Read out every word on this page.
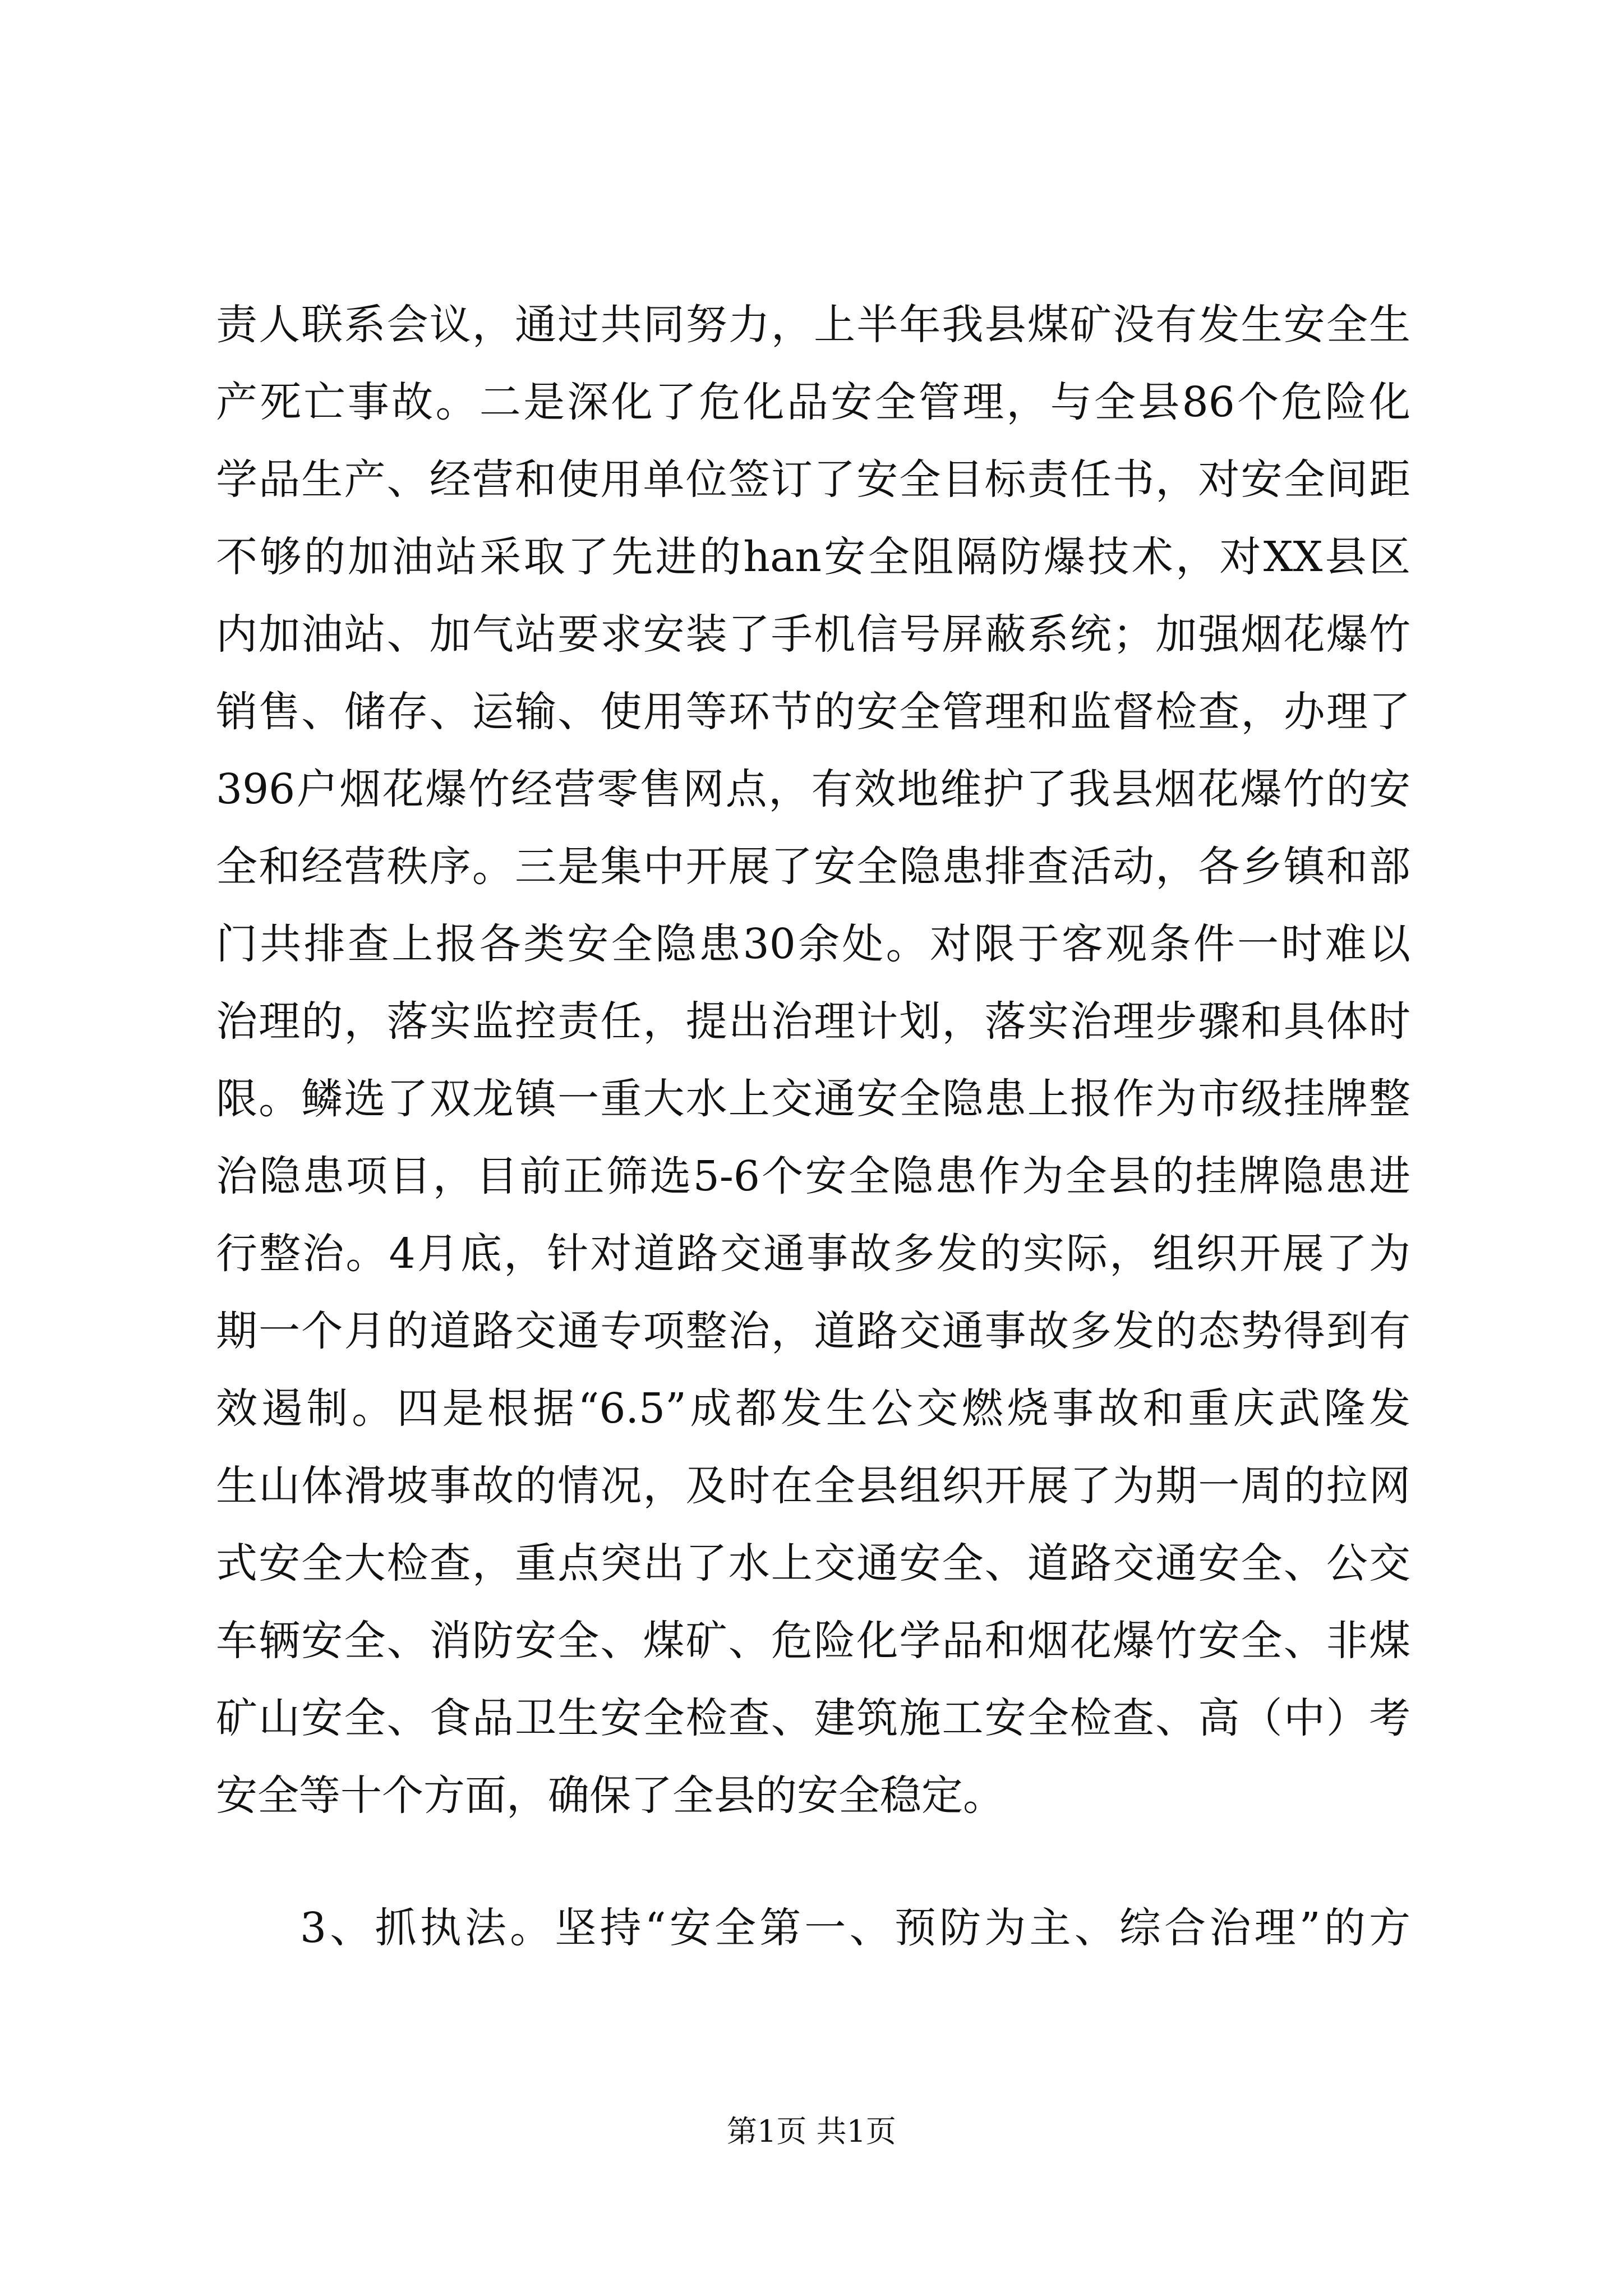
责人联系会议，通过共同努力，上半年我县煤矿没有发生安全生
产死亡事故。二是深化了危化品安全管理，与全县86个危险化
学品生产、经营和使用单位签订了安全目标责任书，对安全间距
不够的加油站采取了先进的han安全阻隔防爆技术，对XX县区
内加油站、加气站要求安装了手机信号屏蔽系统；加强烟花爆竹
销售、储存、运输、使用等环节的安全管理和监督检查，办理了
396户烟花爆竹经营零售网点，有效地维护了我县烟花爆竹的安
全和经营秩序。三是集中开展了安全隐患排查活动，各乡镇和部
门共排查上报各类安全隐患30余处。对限于客观条件一时难以
治理的，落实监控责任，提出治理计划，落实治理步骤和具体时
限。鳞选了双龙镇一重大水上交通安全隐患上报作为市级挂牌整
治隐患项目，目前正筛选5-6个安全隐患作为全县的挂牌隐患进
行整治。4月底，针对道路交通事故多发的实际，组织开展了为
期一个月的道路交通专项整治，道路交通事故多发的态势得到有
效遏制。四是根据“6.5”成都发生公交燃烧事故和重庆武隆发
生山体滑坡事故的情况，及时在全县组织开展了为期一周的拉网
式安全大检查，重点突出了水上交通安全、道路交通安全、公交
车辆安全、消防安全、煤矿、危险化学品和烟花爆竹安全、非煤
矿山安全、食品卫生安全检查、建筑施工安全检查、高（中）考
安全等十个方面，确保了全县的安全稳定。
3、抓执法。坚持“安全第一、预防为主、综合治理”的方
第1页 共1页
